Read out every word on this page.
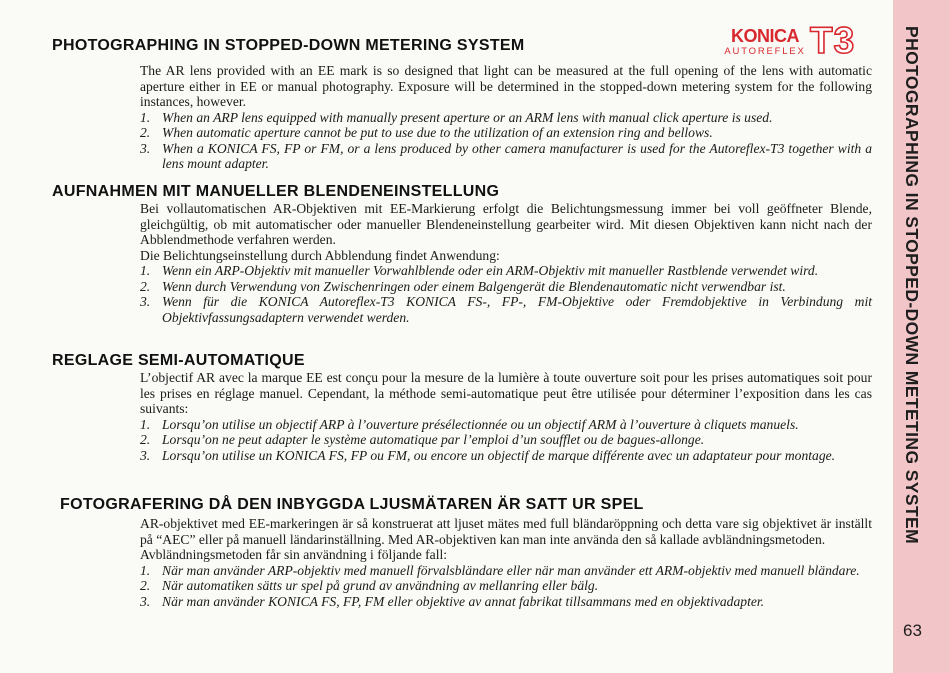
KONICA
AUTOREFLEX T3
PHOTOGRAPHING IN STOPPED-DOWN METERING SYSTEM

The AR lens provided with an EE mark is so designed that light can be measured at the full opening of the lens with automatic aperture either in EE or manual photography. Exposure will be determined in the stopped-down metering system for the following instances, however.

1. When an ARP lens equipped with manually present aperture or an ARM lens with manual click aperture is used.
2. When automatic aperture cannot be put to use due to the utilization of an extension ring and bellows.
3. When a KONICA FS, FP or FM, or a lens produced by other camera manufacturer is used for the Autoreflex-T3 together with a lens mount adapter.
AUFNAHMEN MIT MANUELLER BLENDENEINSTELLUNG

Bei vollautomatischen AR-Objektiven mit EE-Markierung erfolgt die Belichtungsmessung immer bei voll geöffneter Blende, gleichgültig, ob mit automatischer oder manueller Blendeneinstellung gearbeiter wird. Mit diesen Objektiven kann nicht nach der Abblendmethode verfahren werden.

Die Belichtungseinstellung durch Abblendung findet Anwendung:

1. Wenn ein ARP-Objektiv mit manueller Vorwahlblende oder ein ARM-Objektiv mit manueller Rastblende verwendet wird.
2. Wenn durch Verwendung von Zwischenringen oder einem Balgengerät die Blendenautomatic nicht verwendbar ist.
3. Wenn für die KONICA Autoreflex-T3 KONICA FS-, FP-, FM-Objektive oder Fremdobjektive in Verbindung mit Objektivfassungsadaptern verwendet werden.
REGLAGE SEMI-AUTOMATIQUE

L’objectif AR avec la marque EE est conçu pour la mesure de la lumière à toute ouverture soit pour les prises automatiques soit pour les prises en réglage manuel. Cependant, la méthode semi-automatique peut être utilisée pour déterminer l’exposition dans les cas suivants:

1. Lorsqu’on utilise un objectif ARP à l’ouverture présélectionnée ou un objectif ARM à l’ouverture à cliquets manuels.
2. Lorsqu’on ne peut adapter le système automatique par l’emploi d’un soufflet ou de bagues-allonge.
3. Lorsqu’on utilise un KONICA FS, FP ou FM, ou encore un objectif de marque différente avec un adaptateur pour montage.
FOTOGRAFERING DÅ DEN INBYGGDA LJUSMÄTAREN ÄR SATT UR SPEL

AR-objektivet med EE-markeringen är så konstruerat att ljuset mätes med full bländaröppning och detta vare sig objektivet är inställt på “AEC” eller på manuell ländarinställning. Med AR-objektiven kan man inte använda den så kallade avbländningsmetoden.

Avbländningsmetoden får sin användning i följande fall:

1. När man använder ARP-objektiv med manuell förvalsbländare eller när man använder ett ARM-objektiv med manuell bländare.
2. När automatiken sätts ur spel på grund av användning av mellanring eller bälg.
3. När man använder KONICA FS, FP, FM eller objektive av annat fabrikat tillsammans med en objektivadapter.
PHOTOGRAPHING IN STOPPED-DOWN METETING SYSTEM
63
